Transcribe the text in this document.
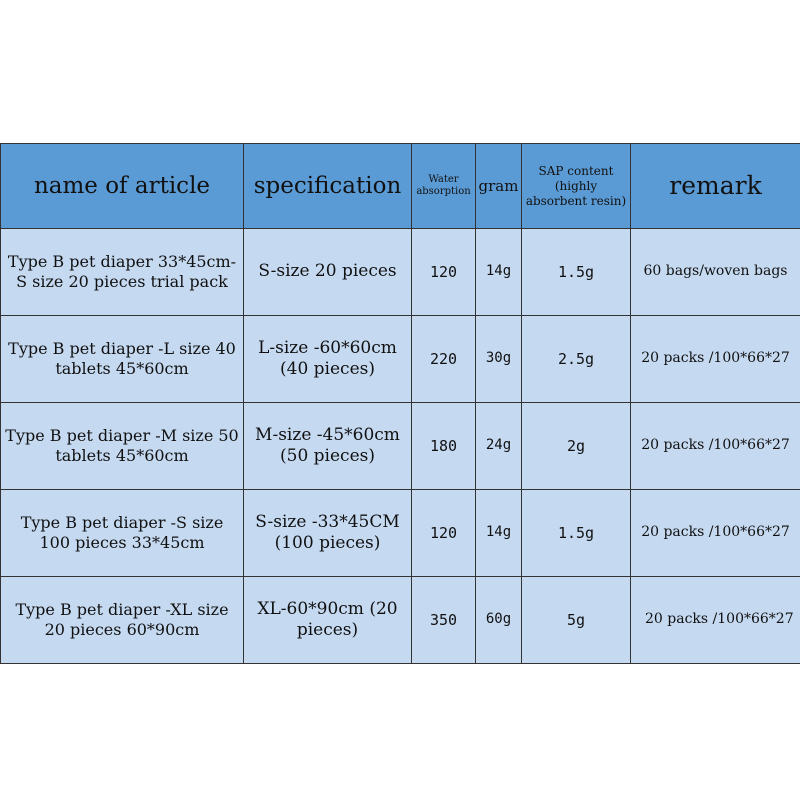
name of article	specification	Water absorption	gram	SAP content (highly absorbent resin)	remark
Type B pet diaper 33*45cm-S size 20 pieces trial pack	S-size 20 pieces	120	14g	1.5g	60 bags/woven bags
Type B pet diaper -L size 40 tablets 45*60cm	L-size -60*60cm (40 pieces)	220	30g	2.5g	20 packs /100*66*27
Type B pet diaper -M size 50 tablets 45*60cm	M-size -45*60cm (50 pieces)	180	24g	2g	20 packs /100*66*27
Type B pet diaper -S size 100 pieces 33*45cm	S-size -33*45CM (100 pieces)	120	14g	1.5g	20 packs /100*66*27
Type B pet diaper -XL size 20 pieces 60*90cm	XL-60*90cm (20 pieces)	350	60g	5g	20 packs /100*66*27
